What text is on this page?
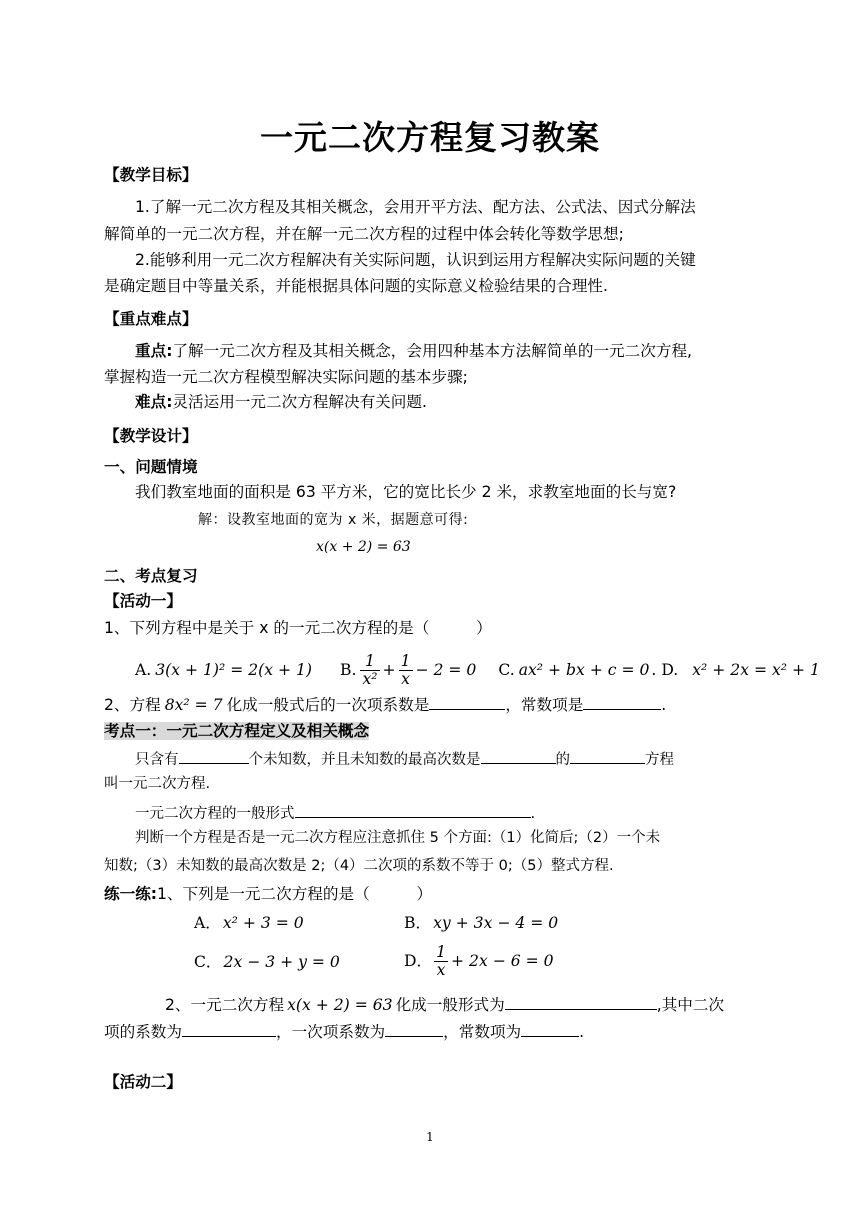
一元二次方程复习教案
【教学目标】
1.了解一元二次方程及其相关概念，会用开平方法、配方法、公式法、因式分解法
解简单的一元二次方程，并在解一元二次方程的过程中体会转化等数学思想;
2.能够利用一元二次方程解决有关实际问题，认识到运用方程解决实际问题的关键
是确定题目中等量关系，并能根据具体问题的实际意义检验结果的合理性.
【重点难点】
重点:了解一元二次方程及其相关概念，会用四种基本方法解简单的一元二次方程,
掌握构造一元二次方程模型解决实际问题的基本步骤;
难点:灵活运用一元二次方程解决有关问题.
【教学设计】
一、问题情境
我们教室地面的面积是 63 平方米，它的宽比长少 2 米，求教室地面的长与宽?
解：设教室地面的宽为 x 米，据题意可得:
x(x + 2) = 63
二、考点复习
【活动一】
1、下列方程中是关于 x 的一元二次方程的是（　　　）
A. 3(x + 1)² = 2(x + 1) B. $\frac{1}{\text{x²}} + \frac{1}{x} - 2 = 0$ C. ax² + bx + c = 0 . D. x² + 2x = x² + 1
2、方程 8x² = 7 化成一般式后的一次项系数是	，常数项是	.
考点一：一元二次方程定义及相关概念
只含有	个未知数，并且未知数的最高次数是	的	方程
叫一元二次方程.
一元二次方程的一般形式	.
判断一个方程是否是一元二次方程应注意抓住 5 个方面:（1）化简后;（2）一个未
知数;（3）未知数的最高次数是 2;（4）二次项的系数不等于 0;（5）整式方程.
练一练:1、下列是一元二次方程的是（　　　）
A． x² + 3 = 0	B． xy + 3x − 4 = 0
C． 2x − 3 + y = 0	D． $\frac{1}{x} + 2x - 6 = 0$
2、一元二次方程 x(x + 2) = 63 化成一般形式为	,其中二次
项的系数为	，一次项系数为	，常数项为	.
【活动二】
1
